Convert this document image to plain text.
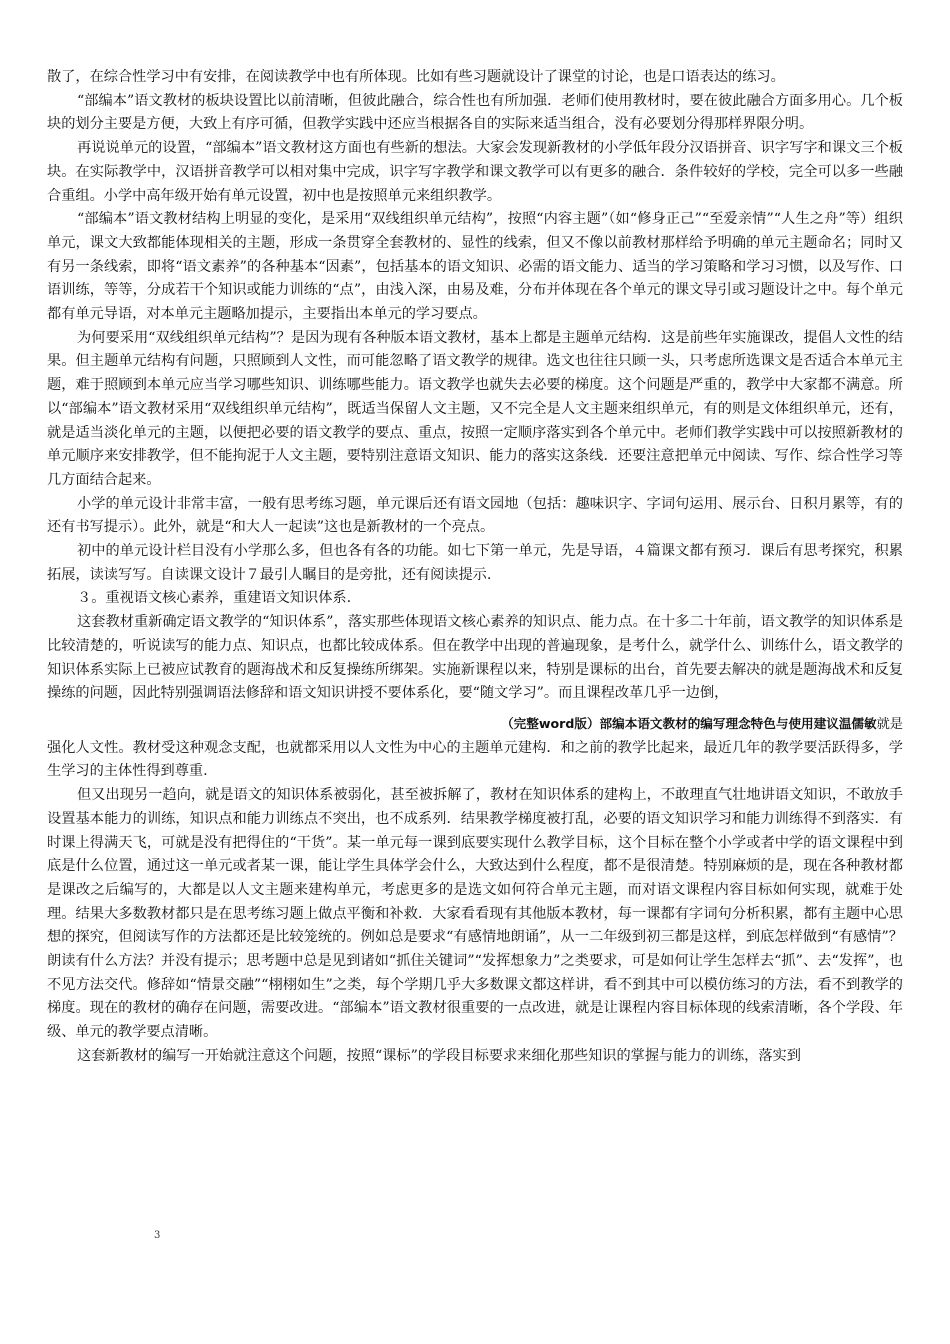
散了，在综合性学习中有安排，在阅读教学中也有所体现。比如有些习题就设计了课堂的讨论，也是口语表达的练习。

“部编本”语文教材的板块设置比以前清晰，但彼此融合，综合性也有所加强．老师们使用教材时，要在彼此融合方面多用心。几个板块的划分主要是方便，大致上有序可循，但教学实践中还应当根据各自的实际来适当组合，没有必要划分得那样界限分明。

再说说单元的设置，“部编本”语文教材这方面也有些新的想法。大家会发现新教材的小学低年段分汉语拼音、识字写字和课文三个板块。在实际教学中，汉语拼音教学可以相对集中完成，识字写字教学和课文教学可以有更多的融合．条件较好的学校，完全可以多一些融合重组。小学中高年级开始有单元设置，初中也是按照单元来组织教学。

“部编本”语文教材结构上明显的变化，是采用“双线组织单元结构”，按照“内容主题”（如“修身正己”“至爱亲情”“人生之舟”等）组织单元，课文大致都能体现相关的主题，形成一条贯穿全套教材的、显性的线索，但又不像以前教材那样给予明确的单元主题命名；同时又有另一条线索，即将“语文素养”的各种基本“因素”，包括基本的语文知识、必需的语文能力、适当的学习策略和学习习惯，以及写作、口语训练，等等，分成若干个知识或能力训练的“点”，由浅入深，由易及难，分布并体现在各个单元的课文导引或习题设计之中。每个单元都有单元导语，对本单元主题略加提示，主要指出本单元的学习要点。

为何要采用“双线组织单元结构”？是因为现有各种版本语文教材，基本上都是主题单元结构．这是前些年实施课改，提倡人文性的结果。但主题单元结构有问题，只照顾到人文性，而可能忽略了语文教学的规律。选文也往往只顾一头，只考虑所选课文是否适合本单元主题，难于照顾到本单元应当学习哪些知识、训练哪些能力。语文教学也就失去必要的梯度。这个问题是严重的，教学中大家都不满意。所以“部编本”语文教材采用“双线组织单元结构”，既适当保留人文主题，又不完全是人文主题来组织单元，有的则是文体组织单元，还有，就是适当淡化单元的主题，以便把必要的语文教学的要点、重点，按照一定顺序落实到各个单元中。老师们教学实践中可以按照新教材的单元顺序来安排教学，但不能拘泥于人文主题，要特别注意语文知识、能力的落实这条线．还要注意把单元中阅读、写作、综合性学习等几方面结合起来。

小学的单元设计非常丰富，一般有思考练习题，单元课后还有语文园地（包括：趣味识字、字词句运用、展示台、日积月累等，有的还有书写提示）。此外，就是“和大人一起读”这也是新教材的一个亮点。

初中的单元设计栏目没有小学那么多，但也各有各的功能。如七下第一单元，先是导语，４篇课文都有预习．课后有思考探究，积累拓展，读读写写。自读课文设计７最引人瞩目的是旁批，还有阅读提示.

３。重视语文核心素养，重建语文知识体系.

这套教材重新确定语文教学的“知识体系”，落实那些体现语文核心素养的知识点、能力点。在十多二十年前，语文教学的知识体系是比较清楚的，听说读写的能力点、知识点，也都比较成体系。但在教学中出现的普遍现象，是考什么，就学什么、训练什么，语文教学的知识体系实际上已被应试教育的题海战术和反复操练所绑架。实施新课程以来，特别是课标的出台，首先要去解决的就是题海战术和反复操练的问题，因此特别强调语法修辞和语文知识讲授不要体系化，要“随文学习”。而且课程改革几乎一边倒，

（完整word版）部编本语文教材的编写理念特色与使用建议温儒敏就是

强化人文性。教材受这种观念支配，也就都采用以人文性为中心的主题单元建构．和之前的教学比起来，最近几年的教学要活跃得多，学生学习的主体性得到尊重.

但又出现另一趋向，就是语文的知识体系被弱化，甚至被拆解了，教材在知识体系的建构上，不敢理直气壮地讲语文知识，不敢放手设置基本能力的训练，知识点和能力训练点不突出，也不成系列．结果教学梯度被打乱，必要的语文知识学习和能力训练得不到落实．有时课上得满天飞，可就是没有把得住的“干货”。某一单元每一课到底要实现什么教学目标，这个目标在整个小学或者中学的语文课程中到底是什么位置，通过这一单元或者某一课，能让学生具体学会什么，大致达到什么程度，都不是很清楚。特别麻烦的是，现在各种教材都是课改之后编写的，大都是以人文主题来建构单元，考虑更多的是选文如何符合单元主题，而对语文课程内容目标如何实现，就难于处理。结果大多数教材都只是在思考练习题上做点平衡和补救．大家看看现有其他版本教材，每一课都有字词句分析积累，都有主题中心思想的探究，但阅读写作的方法都还是比较笼统的。例如总是要求“有感情地朗诵”，从一二年级到初三都是这样，到底怎样做到“有感情”？朗读有什么方法？并没有提示；思考题中总是见到诸如“抓住关键词”“发挥想象力”之类要求，可是如何让学生怎样去“抓”、去“发挥”，也不见方法交代。修辞如“情景交融”“栩栩如生”之类，每个学期几乎大多数课文都这样讲，看不到其中可以模仿练习的方法，看不到教学的梯度。现在的教材的确存在问题，需要改进。“部编本”语文教材很重要的一点改进，就是让课程内容目标体现的线索清晰，各个学段、年级、单元的教学要点清晰。

这套新教材的编写一开始就注意这个问题，按照“课标”的学段目标要求来细化那些知识的掌握与能力的训练，落实到

3
